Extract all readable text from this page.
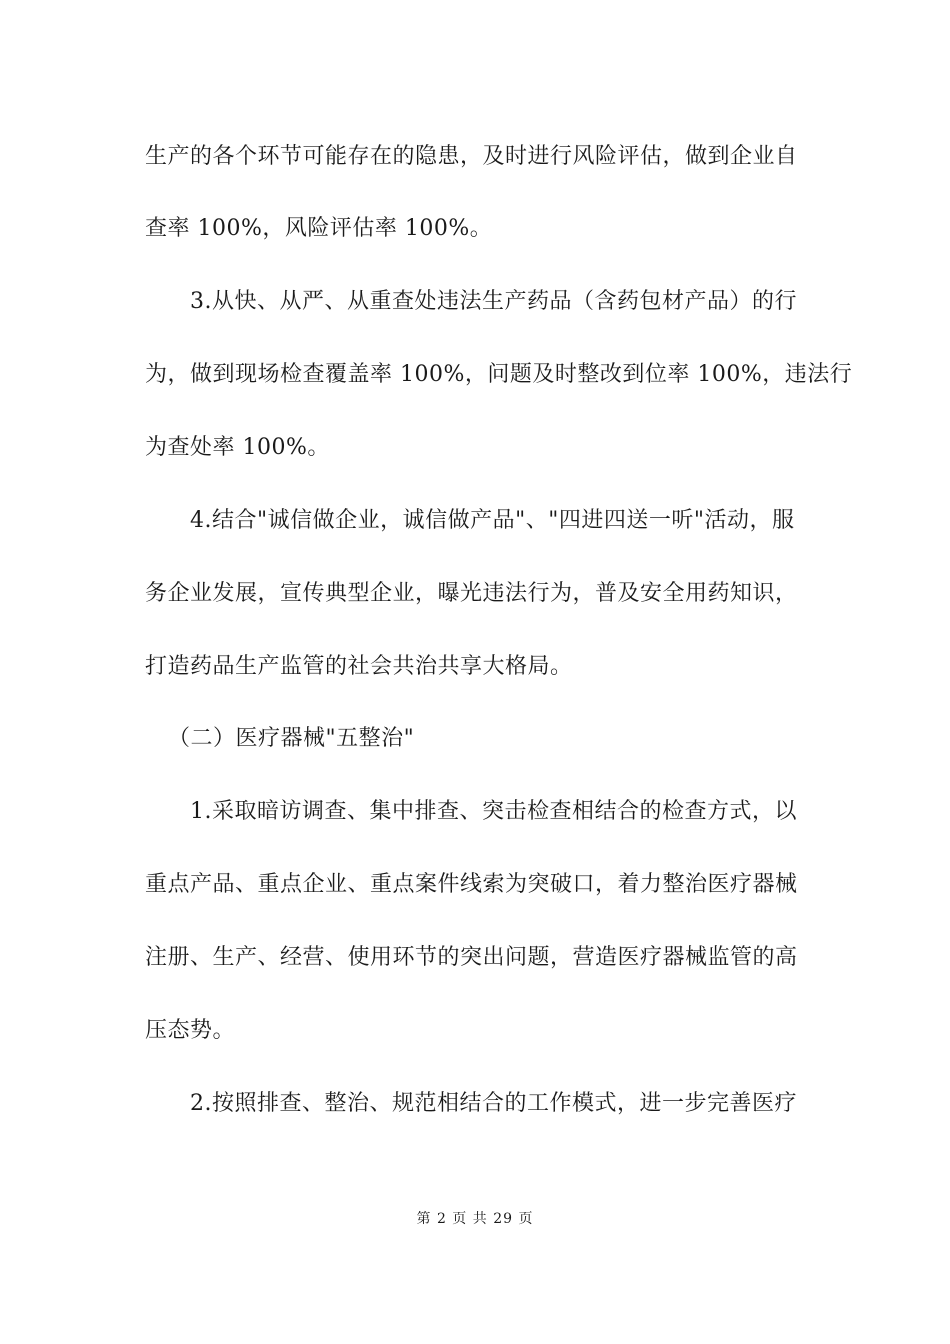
生产的各个环节可能存在的隐患，及时进行风险评估，做到企业自
查率 100%，风险评估率 100%。
3.从快、从严、从重查处违法生产药品（含药包材产品）的行
为，做到现场检查覆盖率 100%，问题及时整改到位率 100%，违法行
为查处率 100%。
4.结合"诚信做企业，诚信做产品"、"四进四送一听"活动，服
务企业发展，宣传典型企业，曝光违法行为，普及安全用药知识，
打造药品生产监管的社会共治共享大格局。
（二）医疗器械"五整治"
1.采取暗访调查、集中排查、突击检查相结合的检查方式，以
重点产品、重点企业、重点案件线索为突破口，着力整治医疗器械
注册、生产、经营、使用环节的突出问题，营造医疗器械监管的高
压态势。
2.按照排查、整治、规范相结合的工作模式，进一步完善医疗
第 2 页 共 29 页
